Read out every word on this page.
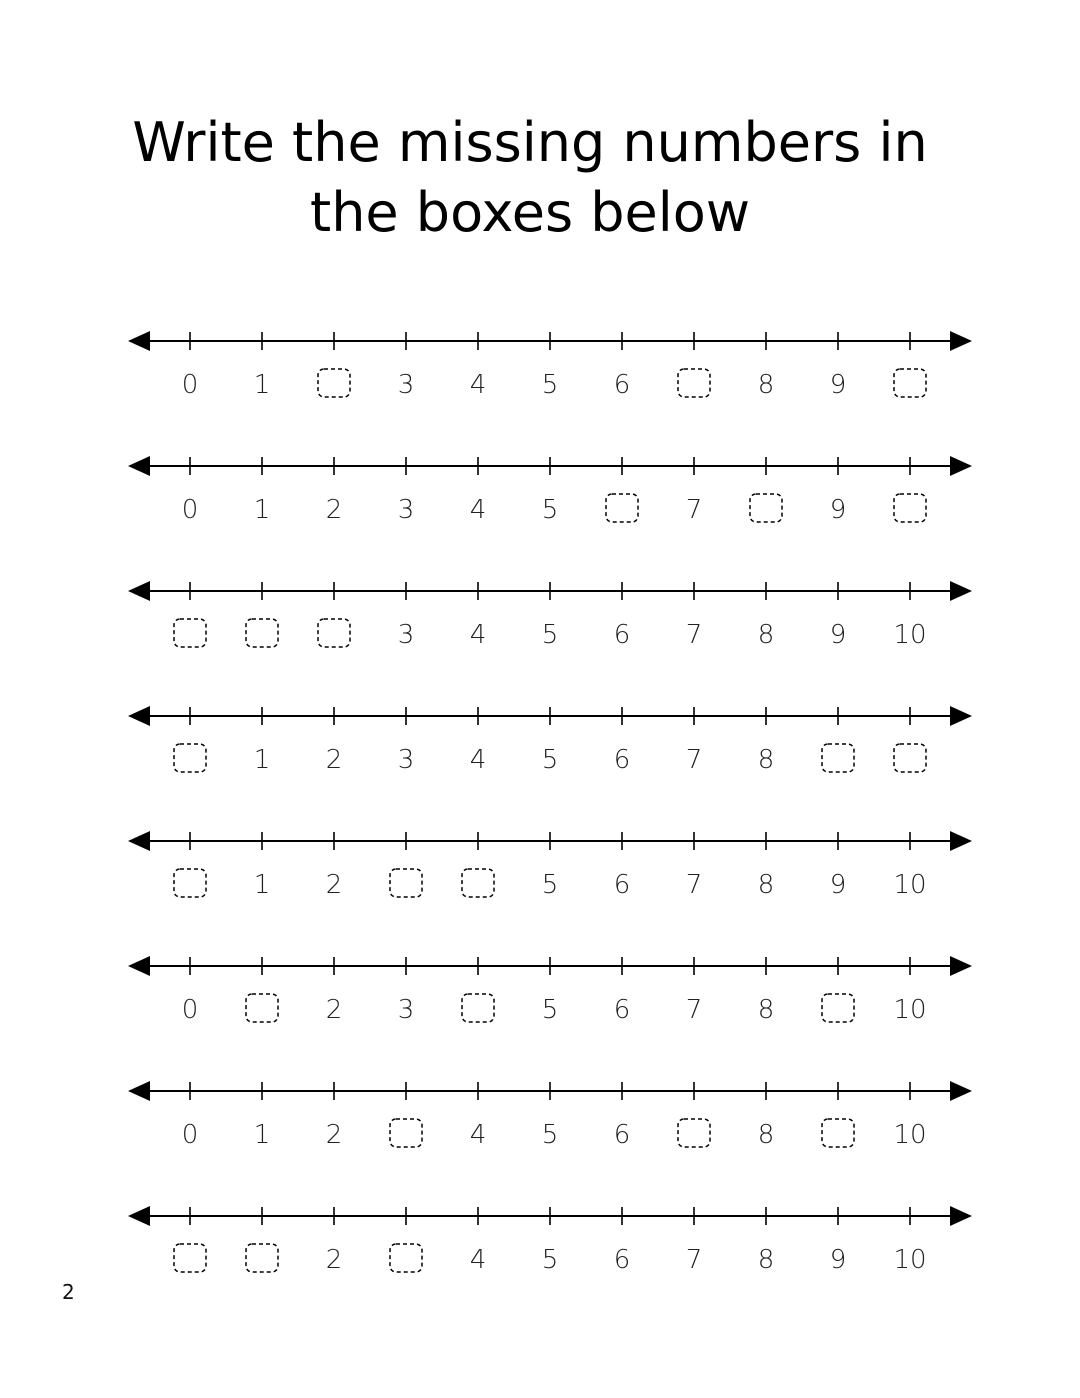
Write the missing numbers in
the boxes below
0 1	3 4 5 6	8 9
0 1 2 3 4 5	7	9
3 4 5 6 7 8 9 10
1 2 3 4 5 6 7 8
1 2	5 6 7 8 9 10
0	2 3	5 6 7 8	10
0 1 2	4 5 6	8	10
2	4 5 6 7 8 9 10
2
